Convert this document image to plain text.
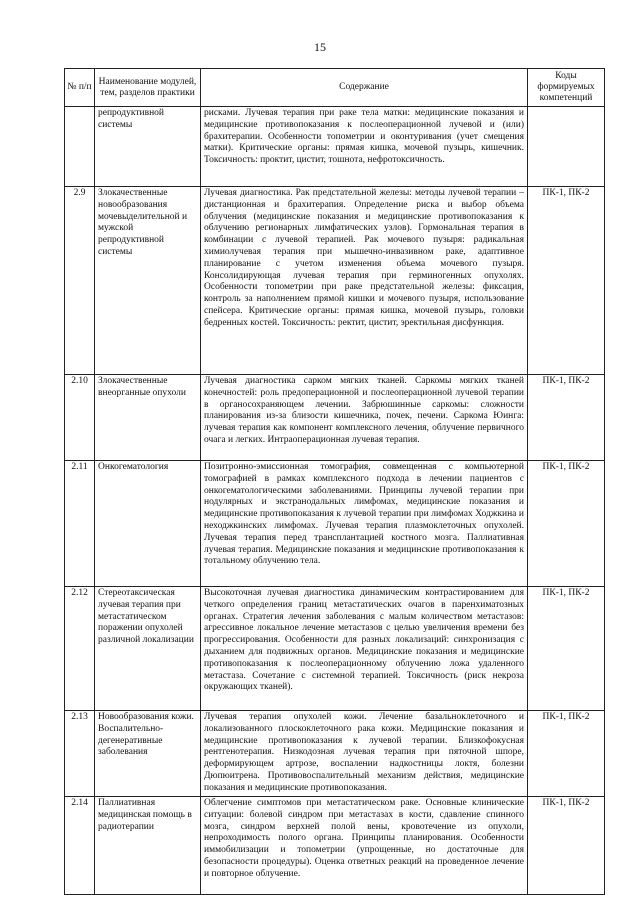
15
№ п/п	Наименование модулей, тем, разделов практики	Содержание	Коды формируемых компетенций
	репродуктивной системы	рисками. Лучевая терапия при раке тела матки: медицинские показания и медицинские противопоказания к послеоперационной лучевой и (или) брахитерапии. Особенности топометрии и оконтуривания (учет смещения матки). Критические органы: прямая кишка, мочевой пузырь, кишечник. Токсичность: проктит, цистит, тошнота, нефротоксичность.	
2.9	Злокачественные новообразования мочевыделительной и мужской репродуктивной системы	Лучевая диагностика. Рак предстательной железы: методы лучевой терапии – дистанционная и брахитерапия. Определение риска и выбор объема облучения (медицинские показания и медицинские противопоказания к облучению регионарных лимфатических узлов). Гормональная терапия в комбинации с лучевой терапией. Рак мочевого пузыря: радикальная химиолучевая терапия при мышечно-инвазивном раке, адаптивное планирование с учетом изменения объема мочевого пузыря. Консолидирующая лучевая терапия при герминогенных опухолях. Особенности топометрии при раке предстательной железы: фиксация, контроль за наполнением прямой кишки и мочевого пузыря, использование спейсера. Критические органы: прямая кишка, мочевой пузырь, головки бедренных костей. Токсичность: ректит, цистит, эректильная дисфункция.	ПК-1, ПК-2
2.10	Злокачественные внеорганные опухоли	Лучевая диагностика сарком мягких тканей. Саркомы мягких тканей конечностей: роль предоперационной и послеоперационной лучевой терапии в органосохраняющем лечении. Забрюшинные саркомы: сложности планирования из-за близости кишечника, почек, печени. Саркома Юинга: лучевая терапия как компонент комплексного лечения, облучение первичного очага и легких. Интраоперационная лучевая терапия.	ПК-1, ПК-2
2.11	Онкогематология	Позитронно-эмиссионная томография, совмещенная с компьютерной томографией в рамках комплексного подхода в лечении пациентов с онкогематологическими заболеваниями. Принципы лучевой терапии при нодулярных и экстранодальных лимфомах, медицинские показания и медицинские противопоказания к лучевой терапии при лимфомах Ходжкина и неходжкинских лимфомах. Лучевая терапия плазмоклеточных опухолей. Лучевая терапия перед трансплантацией костного мозга. Паллиативная лучевая терапия. Медицинские показания и медицинские противопоказания к тотальному облучению тела.	ПК-1, ПК-2
2.12	Стереотаксическая лучевая терапия при метастатическом поражении опухолей различной локализации	Высокоточная лучевая диагностика динамическим контрастированием для четкого определения границ метастатических очагов в паренхиматозных органах. Стратегия лечения заболевания с малым количеством метастазов: агрессивное локальное лечение метастазов с целью увеличения времени без прогрессирования. Особенности для разных локализаций: синхронизация с дыханием для подвижных органов. Медицинские показания и медицинские противопоказания к послеоперационному облучению ложа удаленного метастаза. Сочетание с системной терапией. Токсичность (риск некроза окружающих тканей).	ПК-1, ПК-2
2.13	Новообразования кожи. Воспалительно-дегенеративные заболевания	Лучевая терапия опухолей кожи. Лечение базальноклеточного и локализованного плоскоклеточного рака кожи. Медицинские показания и медицинские противопоказания к лучевой терапии. Близкофокусная рентгенотерапия. Низкодозная лучевая терапия при пяточной шпоре, деформирующем артрозе, воспалении надкостницы локтя, болезни Дюпюитрена. Противовоспалительный механизм действия, медицинские показания и медицинские противопоказания.	ПК-1, ПК-2
2.14	Паллиативная медицинская помощь в радиотерапии	Облегчение симптомов при метастатическом раке. Основные клинические ситуации: болевой синдром при метастазах в кости, сдавление спинного мозга, синдром верхней полой вены, кровотечение из опухоли, непроходимость полого органа. Принципы планирования. Особенности иммобилизации и топометрии (упрощенные, но достаточные для безопасности процедуры). Оценка ответных реакций на проведенное лечение и повторное облучение.	ПК-1, ПК-2
